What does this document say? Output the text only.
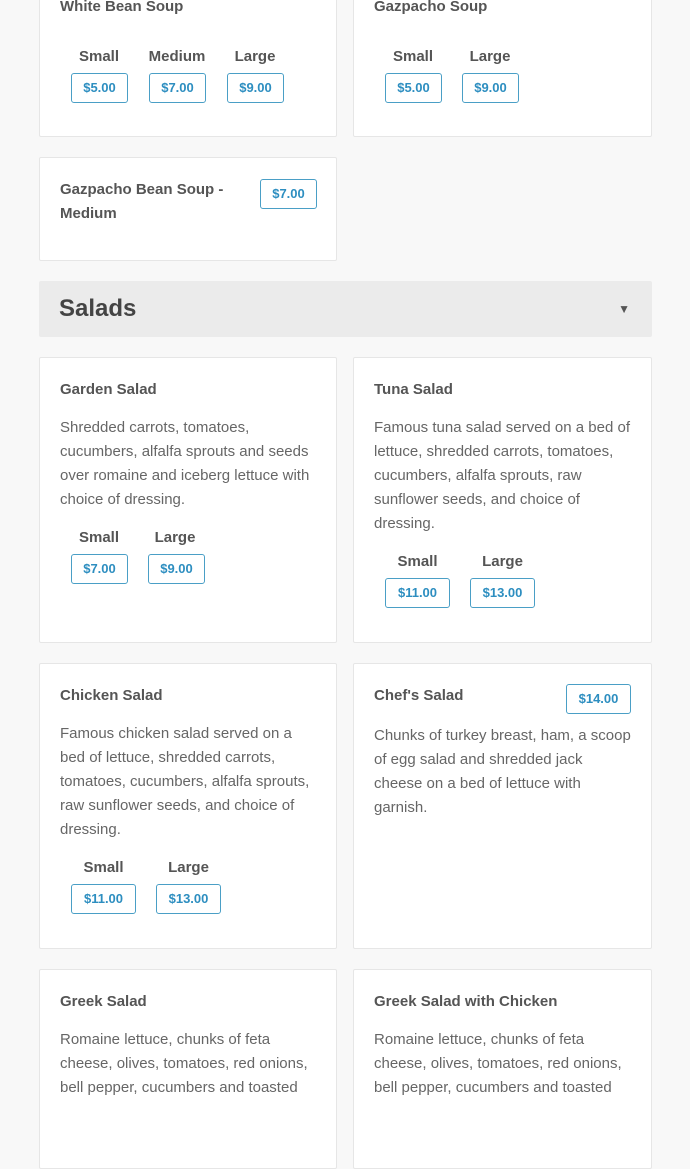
White Bean Soup
Small
$5.00
Medium
$7.00
Large
$9.00
Gazpacho Soup
Small
$5.00
Large
$9.00
Gazpacho Bean Soup - Medium
$7.00
Salads	▼
Garden Salad
Shredded carrots, tomatoes, cucumbers, alfalfa sprouts and seeds over romaine and iceberg lettuce with choice of dressing.
Small
$7.00
Large
$9.00
Tuna Salad
Famous tuna salad served on a bed of lettuce, shredded carrots, tomatoes, cucumbers, alfalfa sprouts, raw sunflower seeds, and choice of dressing.
Small
$11.00
Large
$13.00
Chicken Salad
Famous chicken salad served on a bed of lettuce, shredded carrots, tomatoes, cucumbers, alfalfa sprouts, raw sunflower seeds, and choice of dressing.
Small
$11.00
Large
$13.00
Chef's Salad	$14.00
Chunks of turkey breast, ham, a scoop of egg salad and shredded jack cheese on a bed of lettuce with garnish.
Greek Salad
Romaine lettuce, chunks of feta cheese, olives, tomatoes, red onions, bell pepper, cucumbers and toasted
Greek Salad with Chicken
Romaine lettuce, chunks of feta cheese, olives, tomatoes, red onions, bell pepper, cucumbers and toasted
